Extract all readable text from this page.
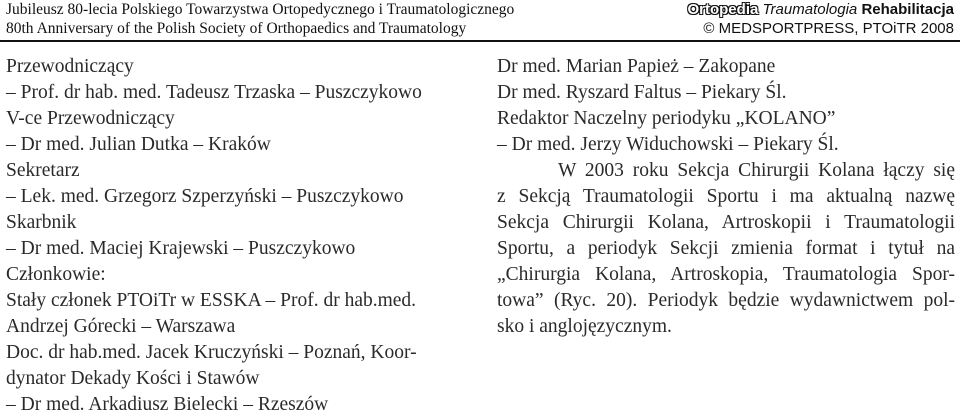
Jubileusz 80-lecia Polskiego Towarzystwa Ortopedycznego i Traumatologicznego
80th Anniversary of the Polish Society of Orthopaedics and Traumatology
Ortopedia Traumatologia Rehabilitacja
© MEDSPORTPRESS, PTOiTR 2008
Przewodniczący
– Prof. dr hab. med. Tadeusz Trzaska – Puszczykowo
V-ce Przewodniczący
– Dr med. Julian Dutka – Kraków
Sekretarz
– Lek. med. Grzegorz Szperzyński – Puszczykowo
Skarbnik
– Dr med. Maciej Krajewski – Puszczykowo
Członkowie:
Stały członek PTOiTr w ESSKA – Prof. dr hab.med.
Andrzej Górecki – Warszawa
Doc. dr hab.med. Jacek Kruczyński – Poznań, Koor-
dynator Dekady Kości i Stawów
– Dr med. Arkadiusz Bielecki – Rzeszów
Dr med. Marian Papież – Zakopane
Dr med. Ryszard Faltus – Piekary Śl.
Redaktor Naczelny periodyku „KOLANO”
– Dr med. Jerzy Widuchowski – Piekary Śl.
W 2003 roku Sekcja Chirurgii Kolana łączy się
z Sekcją Traumatologii Sportu i ma aktualną nazwę
Sekcja Chirurgii Kolana, Artroskopii i Traumatologii
Sportu, a periodyk Sekcji zmienia format i tytuł na
„Chirurgia Kolana, Artroskopia, Traumatologia Spor-
towa” (Ryc. 20). Periodyk będzie wydawnictwem pol-
sko i anglojęzycznym.
